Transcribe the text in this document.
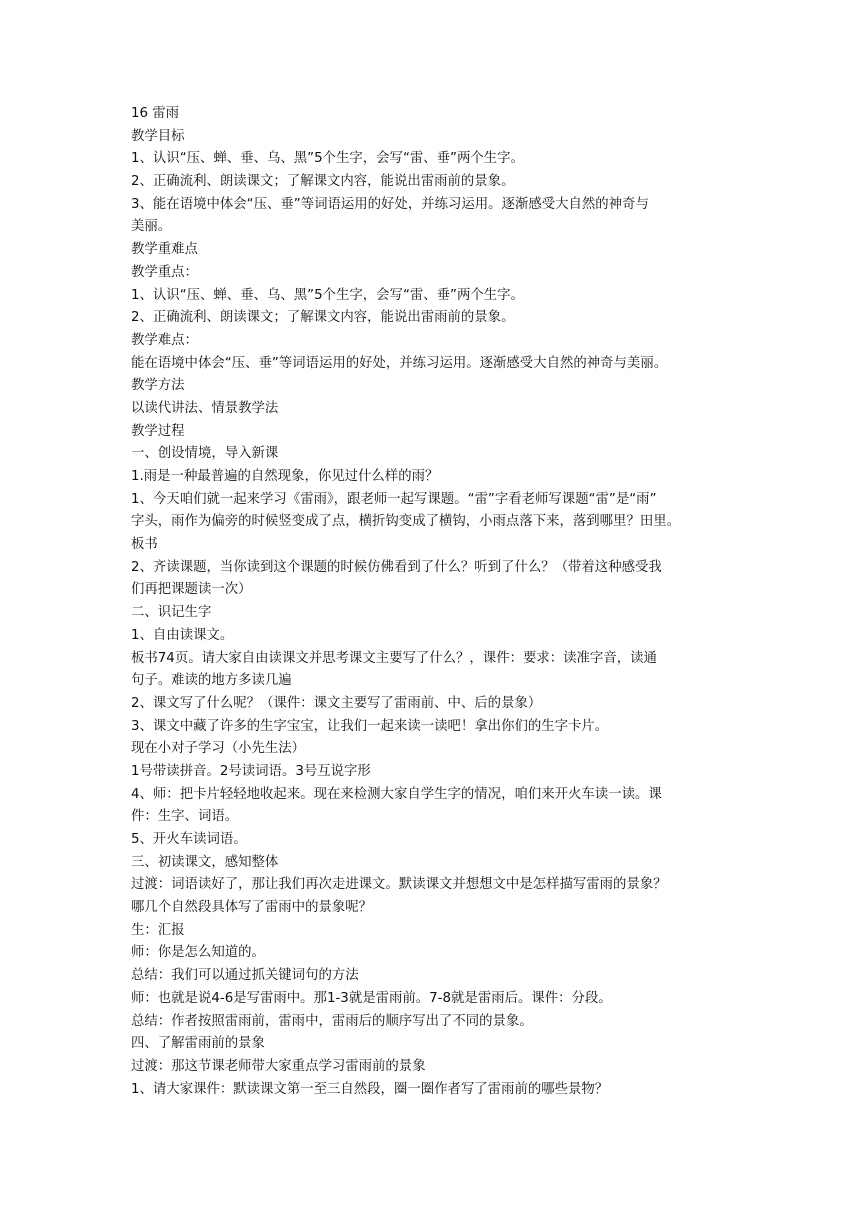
16 雷雨
教学目标
1、认识“压、蝉、垂、乌、黑”5个生字，会写“雷、垂”两个生字。
2、正确流利、朗读课文；了解课文内容，能说出雷雨前的景象。
3、能在语境中体会“压、垂”等词语运用的好处，并练习运用。逐渐感受大自然的神奇与
美丽。
教学重难点
教学重点：
1、认识“压、蝉、垂、乌、黑”5个生字，会写“雷、垂”两个生字。
2、正确流利、朗读课文；了解课文内容，能说出雷雨前的景象。
教学难点：
能在语境中体会“压、垂”等词语运用的好处，并练习运用。逐渐感受大自然的神奇与美丽。
教学方法
以读代讲法、情景教学法
教学过程
一、创设情境，导入新课
1.雨是一种最普遍的自然现象，你见过什么样的雨？
1、今天咱们就一起来学习《雷雨》，跟老师一起写课题。“雷”字看老师写课题“雷”是“雨”
字头，雨作为偏旁的时候竖变成了点，横折钩变成了横钩，小雨点落下来，落到哪里？田里。
板书
2、齐读课题，当你读到这个课题的时候仿佛看到了什么？听到了什么？（带着这种感受我
们再把课题读一次）
二、识记生字
1、自由读课文。
板书74页。请大家自由读课文并思考课文主要写了什么？，课件：要求：读准字音，读通
句子。难读的地方多读几遍
2、课文写了什么呢？（课件：课文主要写了雷雨前、中、后的景象）
3、课文中藏了许多的生字宝宝，让我们一起来读一读吧！拿出你们的生字卡片。
现在小对子学习（小先生法）
1号带读拼音。2号读词语。3号互说字形
4、师：把卡片轻轻地收起来。现在来检测大家自学生字的情况，咱们来开火车读一读。课
件：生字、词语。
5、开火车读词语。
三、初读课文，感知整体
过渡：词语读好了，那让我们再次走进课文。默读课文并想想文中是怎样描写雷雨的景象？
哪几个自然段具体写了雷雨中的景象呢？
生：汇报
师：你是怎么知道的。
总结：我们可以通过抓关键词句的方法
师：也就是说4-6是写雷雨中。那1-3就是雷雨前。7-8就是雷雨后。课件：分段。
总结：作者按照雷雨前，雷雨中，雷雨后的顺序写出了不同的景象。
四、了解雷雨前的景象
过渡：那这节课老师带大家重点学习雷雨前的景象
1、请大家课件：默读课文第一至三自然段，圈一圈作者写了雷雨前的哪些景物？
